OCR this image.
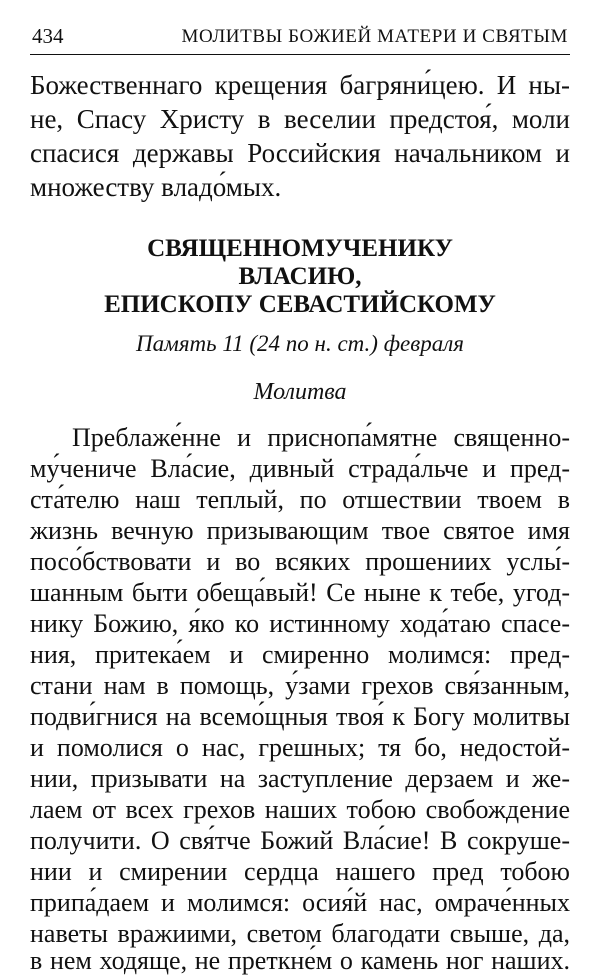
434	МОЛИТВЫ БОЖИЕЙ МАТЕРИ И СВЯТЫМ
Божественнаго крещения багряни́цею. И ны-
не, Спасу Христу в веселии предстоя́, моли
спасися державы Российския начальником и
множеству владо́мых.
СВЯЩЕННОМУЧЕНИКУ
ВЛАСИЮ,
ЕПИСКОПУ СЕВАСТИЙСКОМУ
Память 11 (24 по н. ст.) февраля
Молитва
Преблаже́нне и приснопа́мятне священно-
му́чениче Вла́сие, дивный страда́льче и пред-
ста́телю наш теплый, по отшествии твоем в
жизнь вечную призывающим твое святое имя
посо́бствовати и во всяких прошениих услы́-
шанным быти обеща́вый! Се ныне к тебе, угод-
нику Божию, я́ко ко истинному хода́таю спасе-
ния, притека́ем и смиренно молимся: пред-
стани нам в помощь, у́зами грехов свя́занным,
подви́гнися на всемо́щныя твоя́ к Богу молитвы
и помолися о нас, грешных; тя бо, недостой-
нии, призывати на заступление дерзаем и же-
лаем от всех грехов наших тобою свобождение
получити. О свя́тче Божий Вла́сие! В сокруше-
нии и смирении сердца нашего пред тобою
припа́даем и молимся: осия́й нас, омраче́нных
наветы вражиими, светом благодати свыше, да,
в нем ходяще, не преткне́м о камень ног наших.
